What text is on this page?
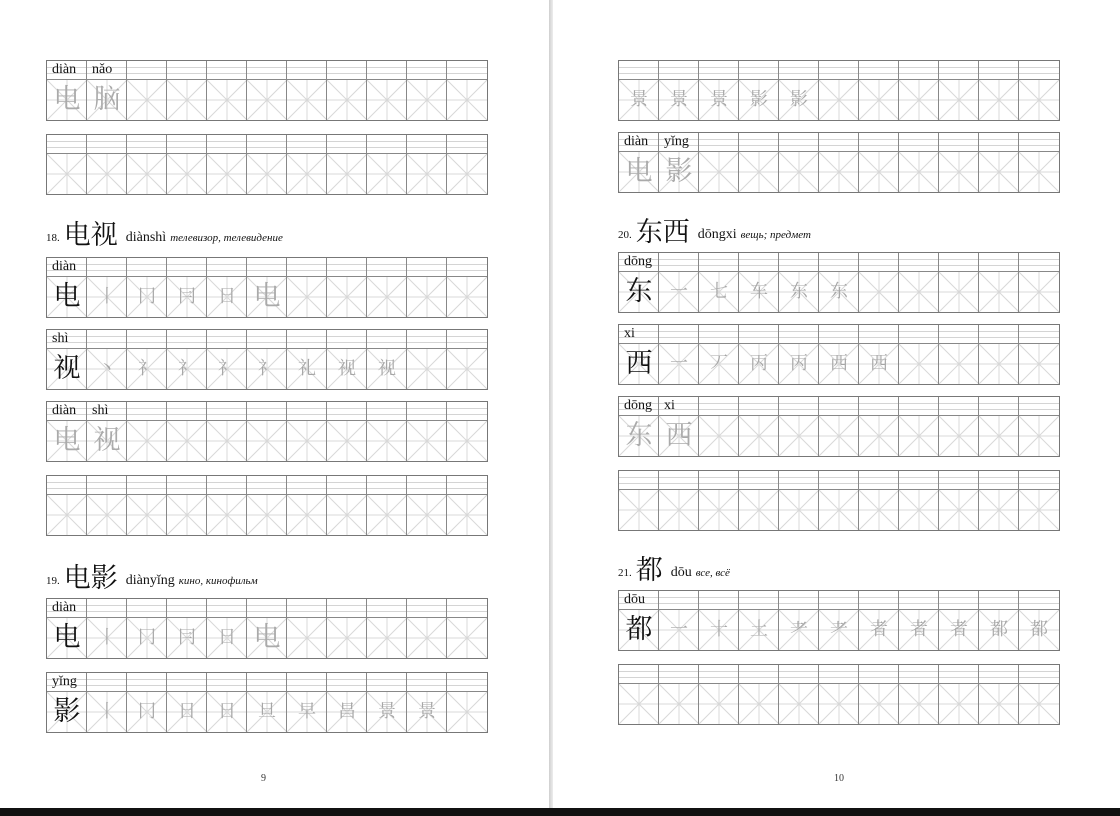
diàn nǎo
电 脑
18. 电视 diànshì телевизор, телевидение
diàn
电 丨	冂	冃	日 电
shì
视 丶	礻	礻	礻	礻	礼	视	视
diàn shì
电 视
19. 电影 diànyǐng кино, кинофильм
diàn
电 丨	冂	冃	日 电
yǐng
影 丨	冂	日	日	旦	早	昌	景	景
9
景	景	景	影	影
diàn yǐng
电 影
20. 东西 dōngxi вещь; предмет
dōng
东 一	七	车	东	东
xi
西 一	丆	丙	丙	西	西
dōng xi
东 西
21. 都 dōu все, всё
dōu
都 一	十	土	耂	耂	者	者	者	都	都
10
